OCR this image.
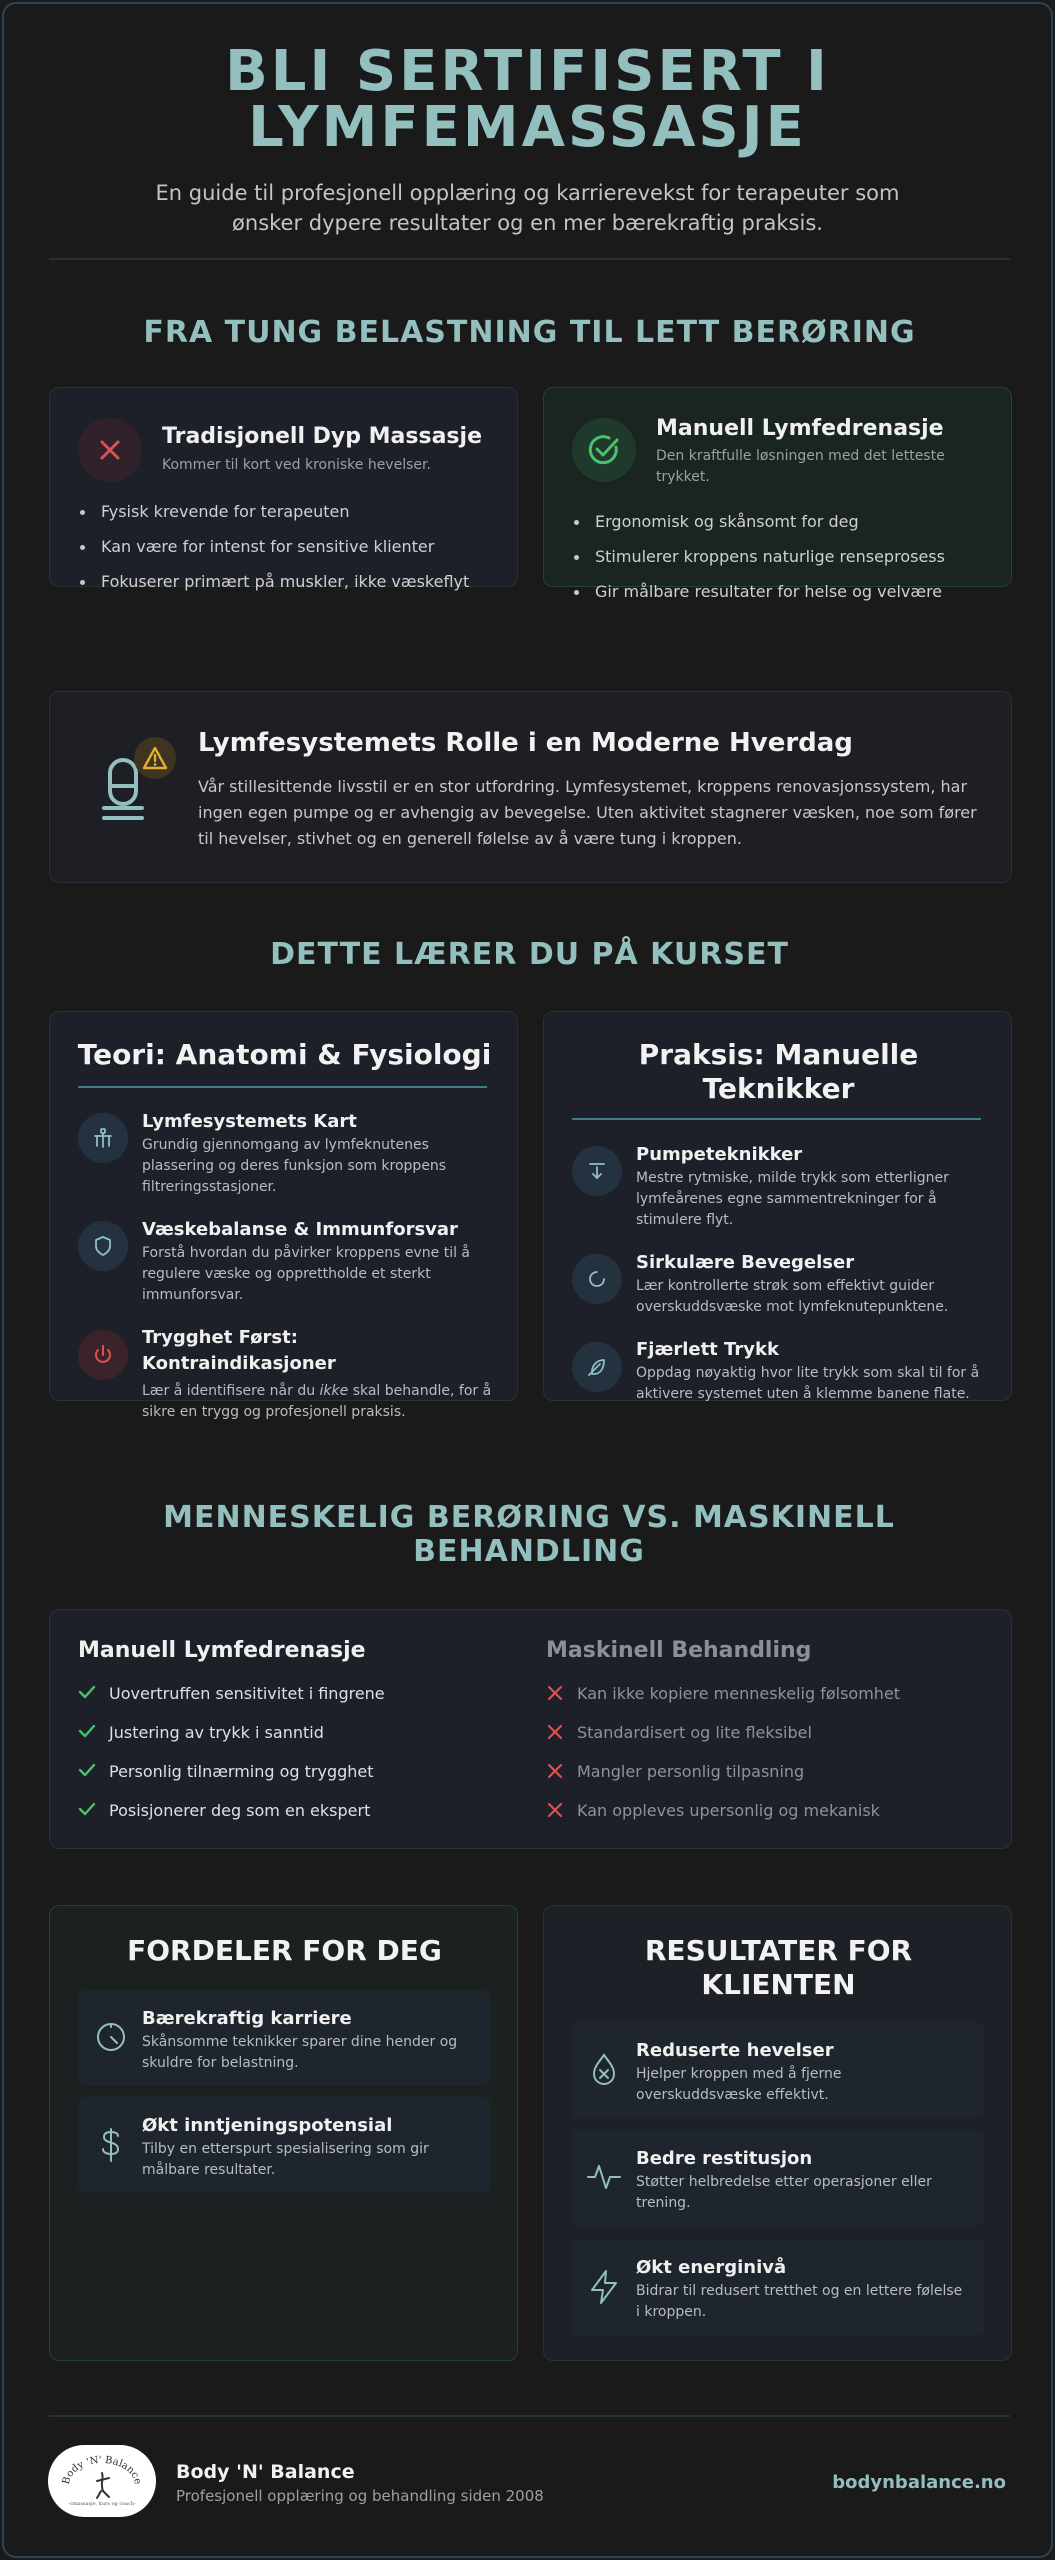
BLI SERTIFISERT I LYMFEMASSASJE

En guide til profesjonell opplæring og karrierevekst for terapeuter som ønsker dypere resultater og en mer bærekraftig praksis.

FRA TUNG BELASTNING TIL LETT BERØRING
Tradisjonell Dyp Massasje
Kommer til kort ved kroniske hevelser.
Fysisk krevende for terapeuten
Kan være for intenst for sensitive klienter
Fokuserer primært på muskler, ikke væskeflyt
Manuell Lymfedrenasje
Den kraftfulle løsningen med det letteste trykket.
Ergonomisk og skånsomt for deg
Stimulerer kroppens naturlige renseprosess
Gir målbare resultater for helse og velvære
Lymfesystemets Rolle i en Moderne Hverdag

Vår stillesittende livsstil er en stor utfordring. Lymfesystemet, kroppens renovasjonssystem, har ingen egen pumpe og er avhengig av bevegelse. Uten aktivitet stagnerer væsken, noe som fører til hevelser, stivhet og en generell følelse av å være tung i kroppen.

DETTE LÆRER DU PÅ KURSET
Teori: Anatomi & Fysiologi
Lymfesystemets Kart
Grundig gjennomgang av lymfeknutenes plassering og deres funksjon som kroppens filtreringsstasjoner.
Væskebalanse & Immunforsvar
Forstå hvordan du påvirker kroppens evne til å regulere væske og opprettholde et sterkt immunforsvar.
Trygghet Først: Kontraindikasjoner
Lær å identifisere når du ikke skal behandle, for å sikre en trygg og profesjonell praksis.
Praksis: Manuelle Teknikker
Pumpeteknikker
Mestre rytmiske, milde trykk som etterligner lymfeårenes egne sammentrekninger for å stimulere flyt.
Sirkulære Bevegelser
Lær kontrollerte strøk som effektivt guider overskuddsvæske mot lymfeknutepunktene.
Fjærlett Trykk
Oppdag nøyaktig hvor lite trykk som skal til for å aktivere systemet uten å klemme banene flate.
MENNESKELIG BERØRING VS. MASKINELL BEHANDLING
Manuell Lymfedrenasje
Uovertruffen sensitivitet i fingrene
Justering av trykk i sanntid
Personlig tilnærming og trygghet
Posisjonerer deg som en ekspert
Maskinell Behandling
Kan ikke kopiere menneskelig følsomhet
Standardisert og lite fleksibel
Mangler personlig tilpasning
Kan oppleves upersonlig og mekanisk
FORDELER FOR DEG
Bærekraftig karriere
Skånsomme teknikker sparer dine hender og skuldre for belastning.
Økt inntjeningspotensial
Tilby en etterspurt spesialisering som gir målbare resultater.
RESULTATER FOR KLIENTEN
Reduserte hevelser
Hjelper kroppen med å fjerne overskuddsvæske effektivt.
Bedre restitusjon
Støtter helbredelse etter operasjoner eller trening.
Økt energinivå
Bidrar til redusert tretthet og en lettere følelse i kroppen.
Body 'N' Balance
-cmassasje, kurs og coach-
Body 'N' Balance
Profesjonell opplæring og behandling siden 2008
bodynbalance.no
